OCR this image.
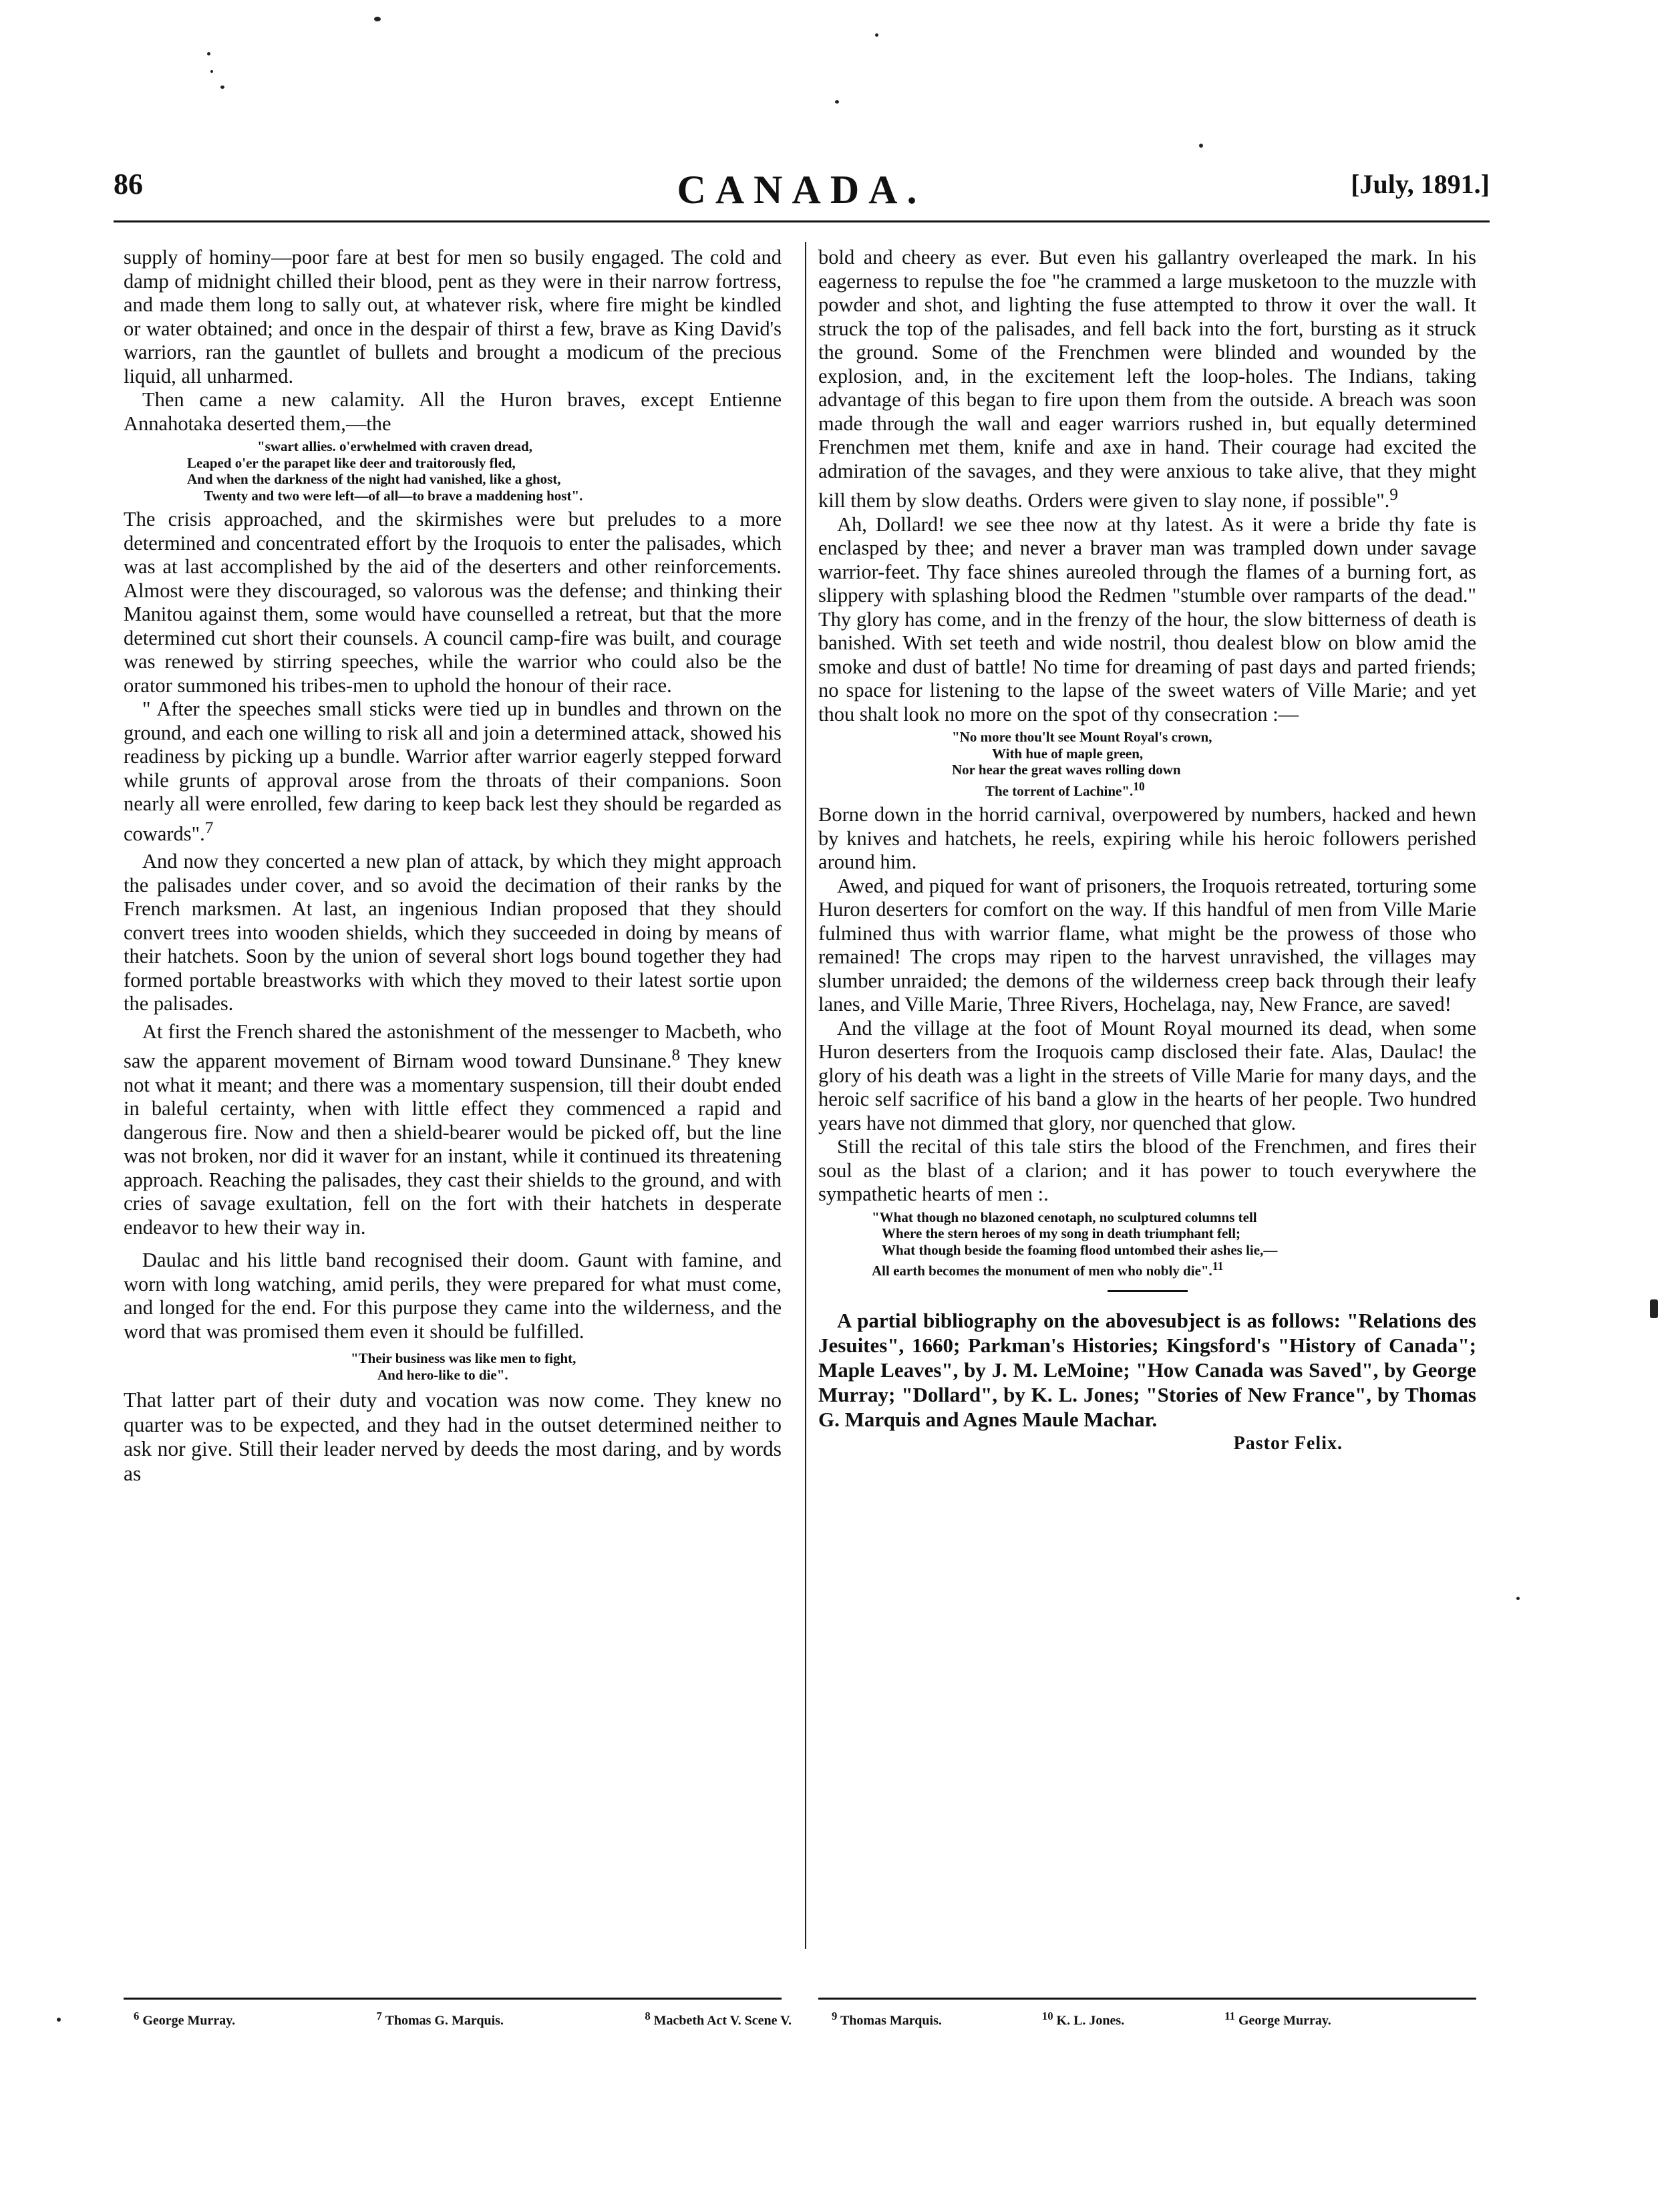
86	CANADA.	[July, 1891.]

supply of hominy—poor fare at best for men so busily engaged. The cold and damp of midnight chilled their blood, pent as they were in their narrow fortress, and made them long to sally out, at whatever risk, where fire might be kindled or water obtained; and once in the despair of thirst a few, brave as King David's warriors, ran the gauntlet of bullets and brought a modicum of the precious liquid, all unharmed.

Then came a new calamity. All the Huron braves, except Entienne Annahotaka deserted them,—the

"swart allies. o'erwhelmed with craven dread,
Leaped o'er the parapet like deer and traitorously fled,
And when the darkness of the night had vanished, like a ghost,
Twenty and two were left—of all—to brave a maddening host".

The crisis approached, and the skirmishes were but preludes to a more determined and concentrated effort by the Iroquois to enter the palisades, which was at last accomplished by the aid of the deserters and other reinforcements. Almost were they discouraged, so valorous was the defense; and thinking their Manitou against them, some would have counselled a retreat, but that the more determined cut short their counsels. A council camp-fire was built, and courage was renewed by stirring speeches, while the warrior who could also be the orator summoned his tribes-men to uphold the honour of their race.

" After the speeches small sticks were tied up in bundles and thrown on the ground, and each one willing to risk all and join a determined attack, showed his readiness by picking up a bundle. Warrior after warrior eagerly stepped forward while grunts of approval arose from the throats of their companions. Soon nearly all were enrolled, few daring to keep back lest they should be regarded as cowards".$^7$

And now they concerted a new plan of attack, by which they might approach the palisades under cover, and so avoid the decimation of their ranks by the French marksmen. At last, an ingenious Indian proposed that they should convert trees into wooden shields, which they succeeded in doing by means of their hatchets. Soon by the union of several short logs bound together they had formed portable breastworks with which they moved to their latest sortie upon the palisades.

At first the French shared the astonishment of the messenger to Macbeth, who saw the apparent movement of Birnam wood toward Dunsinane.$^8$ They knew not what it meant; and there was a momentary suspension, till their doubt ended in baleful certainty, when with little effect they commenced a rapid and dangerous fire. Now and then a shield-bearer would be picked off, but the line was not broken, nor did it waver for an instant, while it continued its threatening approach. Reaching the palisades, they cast their shields to the ground, and with cries of savage exultation, fell on the fort with their hatchets in desperate endeavor to hew their way in.

Daulac and his little band recognised their doom. Gaunt with famine, and worn with long watching, amid perils, they were prepared for what must come, and longed for the end. For this purpose they came into the wilderness, and the word that was promised them even it should be fulfilled.

"Their business was like men to fight,
And hero-like to die".

That latter part of their duty and vocation was now come. They knew no quarter was to be expected, and they had in the outset determined neither to ask nor give. Still their leader nerved by deeds the most daring, and by words as

bold and cheery as ever. But even his gallantry overleaped the mark. In his eagerness to repulse the foe "he crammed a large musketoon to the muzzle with powder and shot, and lighting the fuse attempted to throw it over the wall. It struck the top of the palisades, and fell back into the fort, bursting as it struck the ground. Some of the Frenchmen were blinded and wounded by the explosion, and, in the excitement left the loop-holes. The Indians, taking advantage of this began to fire upon them from the outside. A breach was soon made through the wall and eager warriors rushed in, but equally determined Frenchmen met them, knife and axe in hand. Their courage had excited the admiration of the savages, and they were anxious to take alive, that they might kill them by slow deaths. Orders were given to slay none, if possible".$^9$

Ah, Dollard! we see thee now at thy latest. As it were a bride thy fate is enclasped by thee; and never a braver man was trampled down under savage warrior-feet. Thy face shines aureoled through the flames of a burning fort, as slippery with splashing blood the Redmen "stumble over ramparts of the dead." Thy glory has come, and in the frenzy of the hour, the slow bitterness of death is banished. With set teeth and wide nostril, thou dealest blow on blow amid the smoke and dust of battle! No time for dreaming of past days and parted friends; no space for listening to the lapse of the sweet waters of Ville Marie; and yet thou shalt look no more on the spot of thy consecration :—

"No more thou'lt see Mount Royal's crown,
With hue of maple green,
Nor hear the great waves rolling down
The torrent of Lachine".$^{10}$

Borne down in the horrid carnival, overpowered by numbers, hacked and hewn by knives and hatchets, he reels, expiring while his heroic followers perished around him.

Awed, and piqued for want of prisoners, the Iroquois retreated, torturing some Huron deserters for comfort on the way. If this handful of men from Ville Marie fulmined thus with warrior flame, what might be the prowess of those who remained! The crops may ripen to the harvest unravished, the villages may slumber unraided; the demons of the wilderness creep back through their leafy lanes, and Ville Marie, Three Rivers, Hochelaga, nay, New France, are saved!

And the village at the foot of Mount Royal mourned its dead, when some Huron deserters from the Iroquois camp disclosed their fate. Alas, Daulac! the glory of his death was a light in the streets of Ville Marie for many days, and the heroic self sacrifice of his band a glow in the hearts of her people. Two hundred years have not dimmed that glory, nor quenched that glow.

Still the recital of this tale stirs the blood of the Frenchmen, and fires their soul as the blast of a clarion; and it has power to touch everywhere the sympathetic hearts of men :.

"What though no blazoned cenotaph, no sculptured columns tell
Where the stern heroes of my song in death triumphant fell;
What though beside the foaming flood untombed their ashes lie,—
All earth becomes the monument of men who nobly die".$^{11}$

A partial bibliography on the abovesubject is as follows: "Relations des Jesuites", 1660; Parkman's Histories; Kingsford's "History of Canada"; Maple Leaves", by J. M. LeMoine; "How Canada was Saved", by George Murray; "Dollard", by K. L. Jones; "Stories of New France", by Thomas G. Marquis and Agnes Maule Machar.

Pastor Felix.

$^6$ George Murray.	$^7$ Thomas G. Marquis.	$^8$ Macbeth Act V. Scene V.	$^9$ Thomas Marquis.	$^{10}$ K. L. Jones.	$^{11}$ George Murray.
